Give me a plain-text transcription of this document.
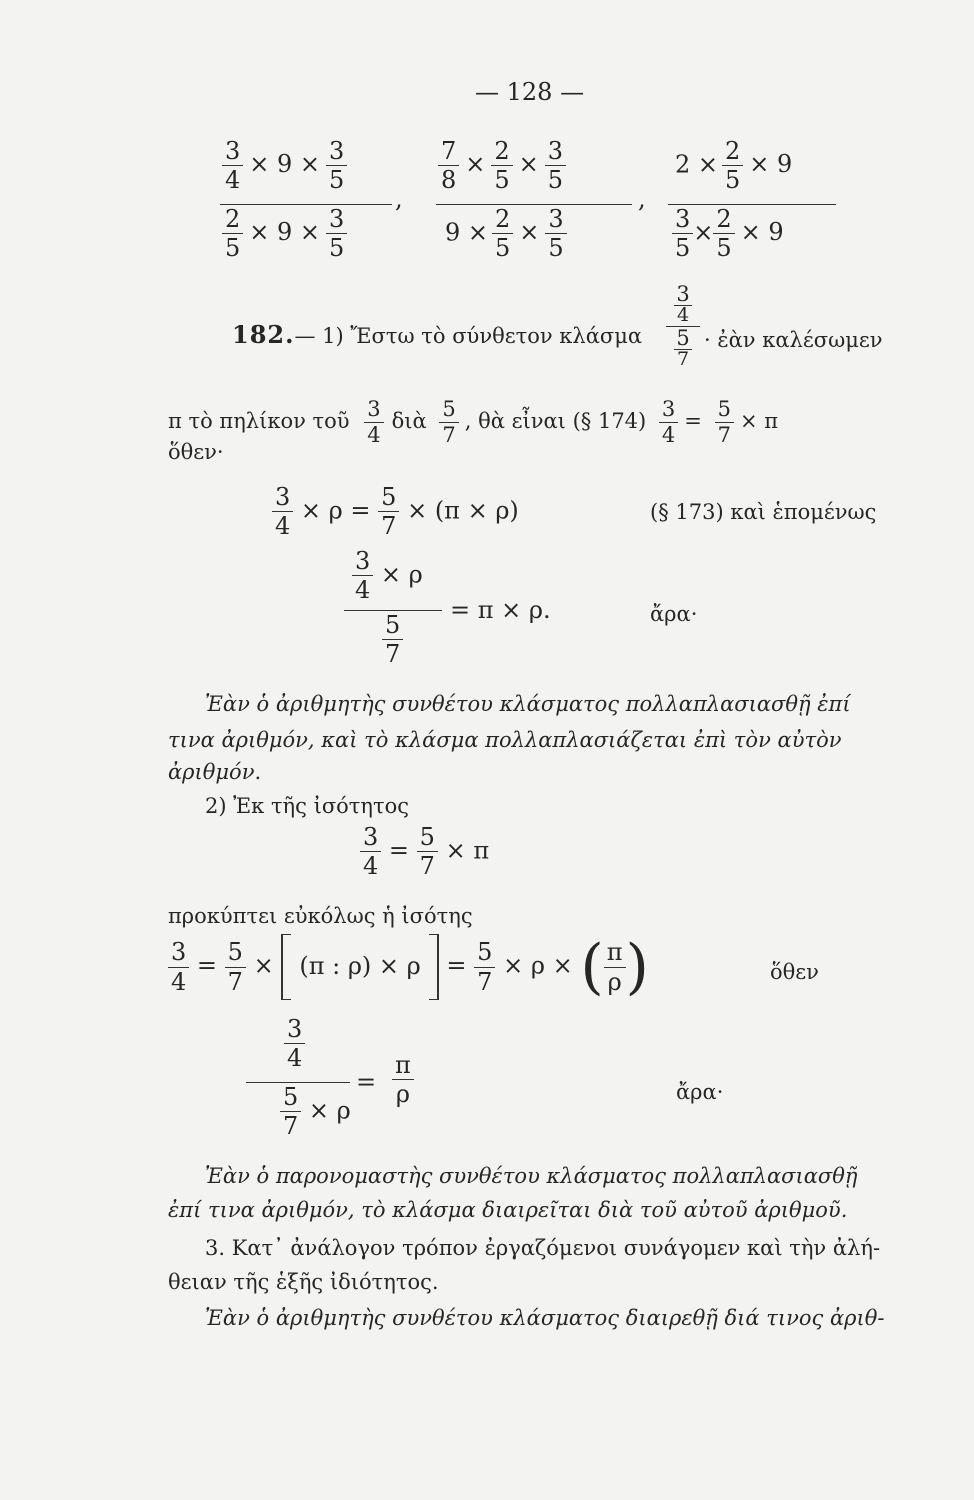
— 128 —
$\frac{3}{4} \times 9 \times \frac{3}{5}$
$\frac{2}{5} \times 9 \times \frac{3}{5}$
,
$\frac{7}{8} \times \frac{2}{5} \times \frac{3}{5}$
$9 \times \frac{2}{5} \times \frac{3}{5}$
,
$2 \times \frac{2}{5} \times 9$
$\frac{3}{5} \times \frac{2}{5} \times 9$
182.— 1) Ἔστω τὸ σύνθετον κλάσμα
3
4
5
7
· ἐὰν καλέσωμεν
π τὸ πηλίκον τοῦ $\frac{3}{4}$ διὰ $\frac{5}{7}$ , θὰ εἶναι (§ $174) \frac{3}{4} = \frac{5}{7} \times \pi$
ὅθεν·
$\frac{3}{4} \times \rho = \frac{5}{7} \times (\pi \times \rho)$	(§ 173) καὶ ἑπομένως
$\frac{3}{4} \times \rho$
$\frac{5}{7}$
= π × ρ.	ἄρα·
Ἐὰν ὁ ἀριθμητὴς συνθέτου κλάσματος πολλαπλασιασθῇ ἐπί
τινα ἀριθμόν, καὶ τὸ κλάσμα πολλαπλασιάζεται ἐπὶ τὸν αὐτὸν
ἀριθμόν.
2) Ἐκ τῆς ἰσότητος
$\frac{3}{4} = \frac{5}{7} \times \pi$
προκύπτει εὐκόλως ἡ ἰσότης
$\frac{3}{4} = \frac{5}{7} \times (\pi$ : $\rho) \times \rho = \frac{5}{7} \times \rho$ × ( $\frac{\pi}{\rho}$ )	ὅθεν
$\frac{3}{4}$
$\frac{5}{7} \times \rho$
= $\frac{\pi}{\rho}$	ἄρα·
Ἐὰν ὁ παρονομαστὴς συνθέτου κλάσματος πολλαπλασιασθῇ
ἐπί τινα ἀριθμόν, τὸ κλάσμα διαιρεῖται διὰ τοῦ αὐτοῦ ἀριθμοῦ.
3. Κατ᾽ ἀνάλογον τρόπον ἐργαζόμενοι συνάγομεν καὶ τὴν ἀλή-
θειαν τῆς ἑξῆς ἰδιότητος.
Ἐὰν ὁ ἀριθμητὴς συνθέτου κλάσματος διαιρεθῇ διά τινος ἀριθ-
